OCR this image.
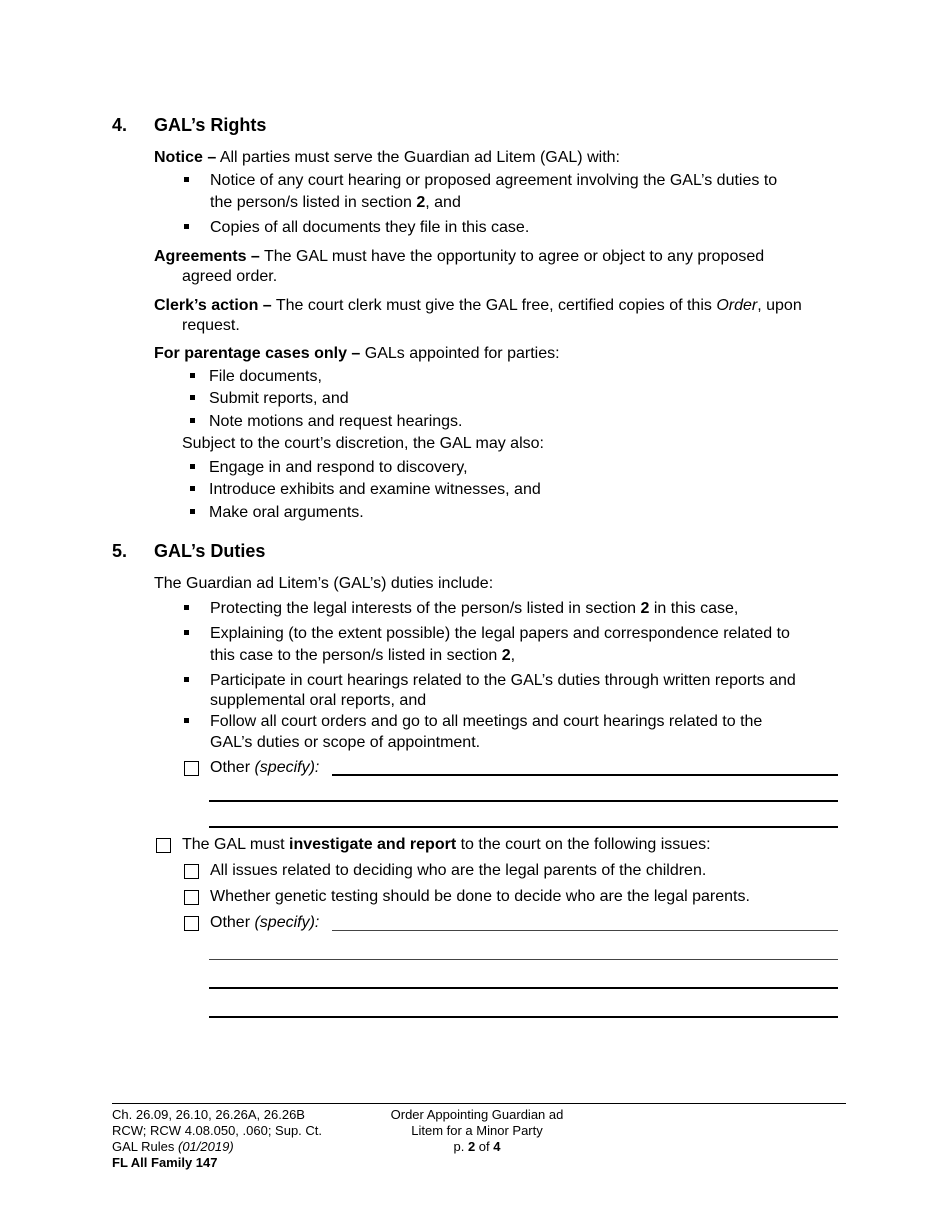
4. GAL’s Rights
Notice – All parties must serve the Guardian ad Litem (GAL) with:
Notice of any court hearing or proposed agreement involving the GAL’s duties to
the person/s listed in section 2, and
Copies of all documents they file in this case.
Agreements – The GAL must have the opportunity to agree or object to any proposed
agreed order.
Clerk’s action – The court clerk must give the GAL free, certified copies of this Order, upon
request.
For parentage cases only – GALs appointed for parties:
File documents,
Submit reports, and
Note motions and request hearings.
Subject to the court’s discretion, the GAL may also:
Engage in and respond to discovery,
Introduce exhibits and examine witnesses, and
Make oral arguments.
5. GAL’s Duties
The Guardian ad Litem’s (GAL’s) duties include:
Protecting the legal interests of the person/s listed in section 2 in this case,
Explaining (to the extent possible) the legal papers and correspondence related to
this case to the person/s listed in section 2,
Participate in court hearings related to the GAL’s duties through written reports and
supplemental oral reports, and
Follow all court orders and go to all meetings and court hearings related to the
GAL’s duties or scope of appointment.
Other (specify):
The GAL must investigate and report to the court on the following issues:
All issues related to deciding who are the legal parents of the children.
Whether genetic testing should be done to decide who are the legal parents.
Other (specify):
Ch. 26.09, 26.10, 26.26A, 26.26B
RCW; RCW 4.08.050, .060; Sup. Ct.
GAL Rules (01/2019)
FL All Family 147
Order Appointing Guardian ad
Litem for a Minor Party
p. 2 of 4
